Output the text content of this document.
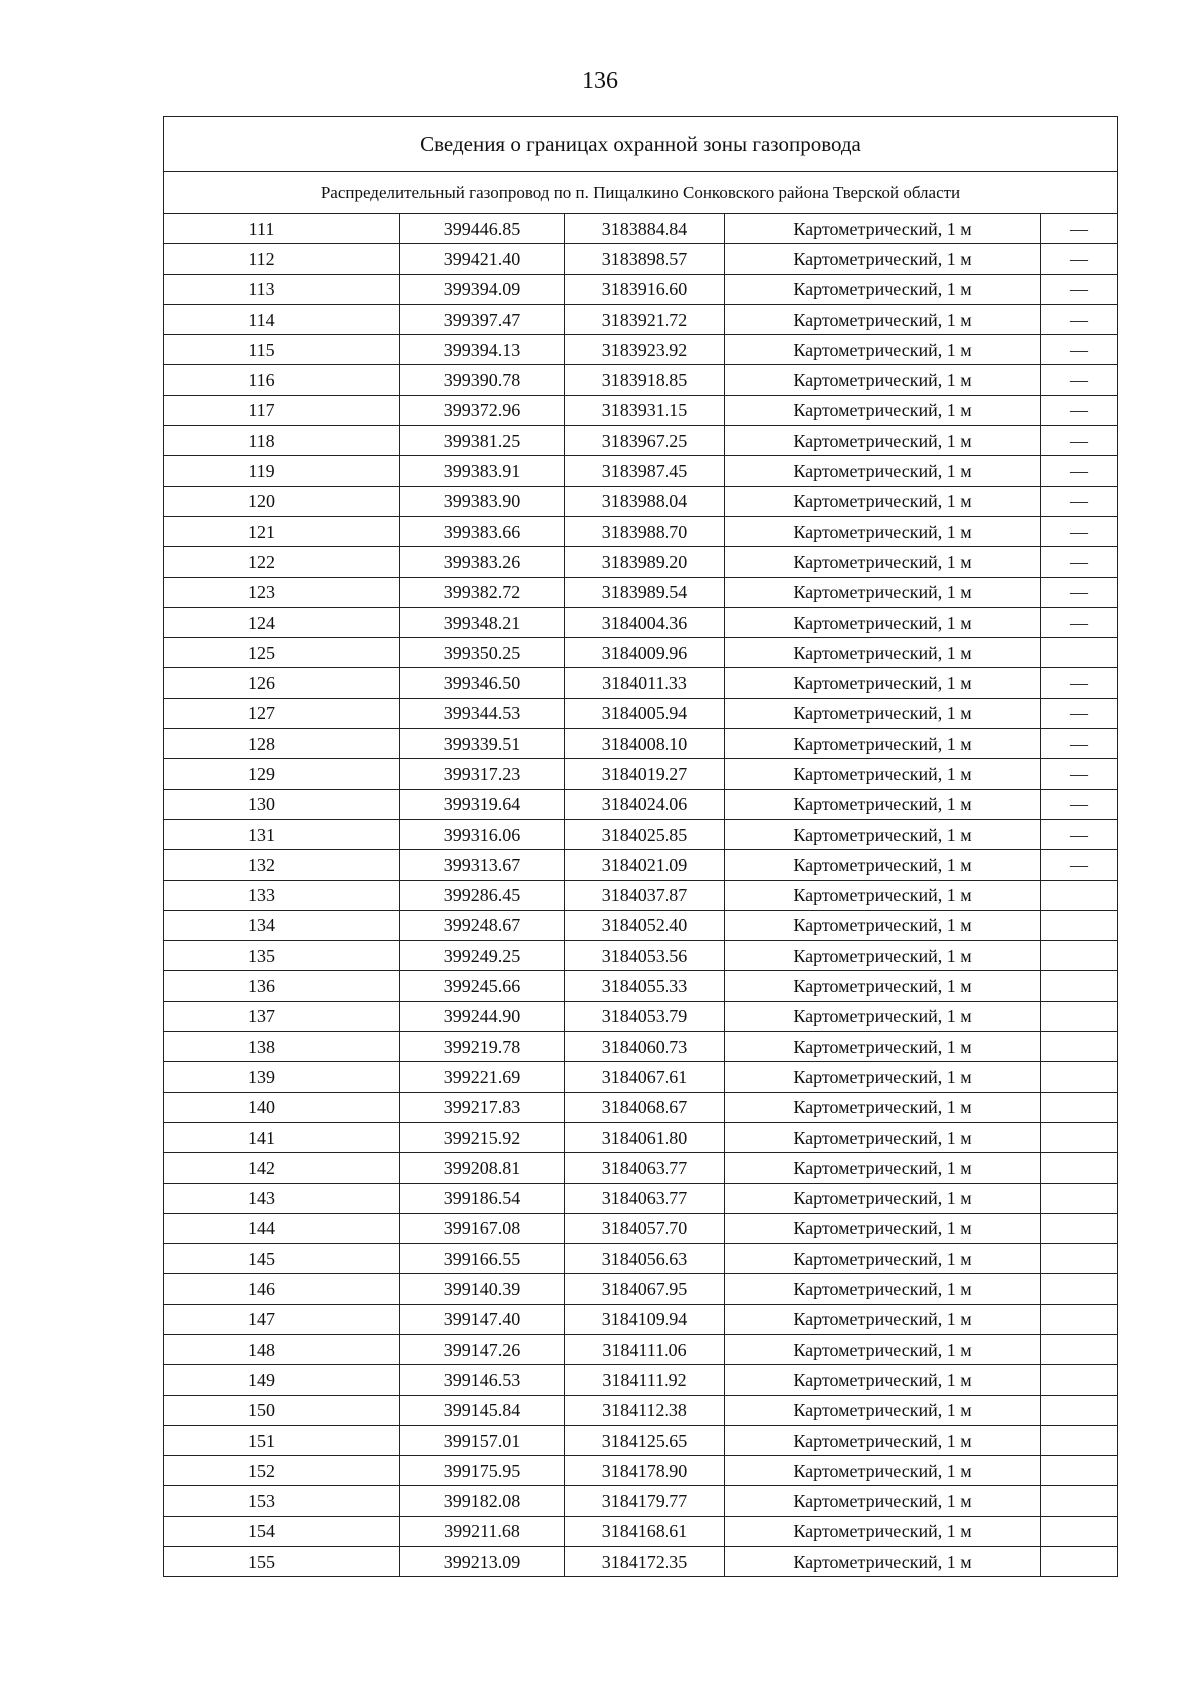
136
Сведения о границах охранной зоны газопровода
Распределительный газопровод по п. Пищалкино Сонковского района Тверской области
111	399446.85	3183884.84	Картометрический, 1 м	—
112	399421.40	3183898.57	Картометрический, 1 м	—
113	399394.09	3183916.60	Картометрический, 1 м	—
114	399397.47	3183921.72	Картометрический, 1 м	—
115	399394.13	3183923.92	Картометрический, 1 м	—
116	399390.78	3183918.85	Картометрический, 1 м	—
117	399372.96	3183931.15	Картометрический, 1 м	—
118	399381.25	3183967.25	Картометрический, 1 м	—
119	399383.91	3183987.45	Картометрический, 1 м	—
120	399383.90	3183988.04	Картометрический, 1 м	—
121	399383.66	3183988.70	Картометрический, 1 м	—
122	399383.26	3183989.20	Картометрический, 1 м	—
123	399382.72	3183989.54	Картометрический, 1 м	—
124	399348.21	3184004.36	Картометрический, 1 м	—
125	399350.25	3184009.96	Картометрический, 1 м	
126	399346.50	3184011.33	Картометрический, 1 м	—
127	399344.53	3184005.94	Картометрический, 1 м	—
128	399339.51	3184008.10	Картометрический, 1 м	—
129	399317.23	3184019.27	Картометрический, 1 м	—
130	399319.64	3184024.06	Картометрический, 1 м	—
131	399316.06	3184025.85	Картометрический, 1 м	—
132	399313.67	3184021.09	Картометрический, 1 м	—
133	399286.45	3184037.87	Картометрический, 1 м	
134	399248.67	3184052.40	Картометрический, 1 м	
135	399249.25	3184053.56	Картометрический, 1 м	
136	399245.66	3184055.33	Картометрический, 1 м	
137	399244.90	3184053.79	Картометрический, 1 м	
138	399219.78	3184060.73	Картометрический, 1 м	
139	399221.69	3184067.61	Картометрический, 1 м	
140	399217.83	3184068.67	Картометрический, 1 м	
141	399215.92	3184061.80	Картометрический, 1 м	
142	399208.81	3184063.77	Картометрический, 1 м	
143	399186.54	3184063.77	Картометрический, 1 м	
144	399167.08	3184057.70	Картометрический, 1 м	
145	399166.55	3184056.63	Картометрический, 1 м	
146	399140.39	3184067.95	Картометрический, 1 м	
147	399147.40	3184109.94	Картометрический, 1 м	
148	399147.26	3184111.06	Картометрический, 1 м	
149	399146.53	3184111.92	Картометрический, 1 м	
150	399145.84	3184112.38	Картометрический, 1 м	
151	399157.01	3184125.65	Картометрический, 1 м	
152	399175.95	3184178.90	Картометрический, 1 м	
153	399182.08	3184179.77	Картометрический, 1 м	
154	399211.68	3184168.61	Картометрический, 1 м	
155	399213.09	3184172.35	Картометрический, 1 м	
